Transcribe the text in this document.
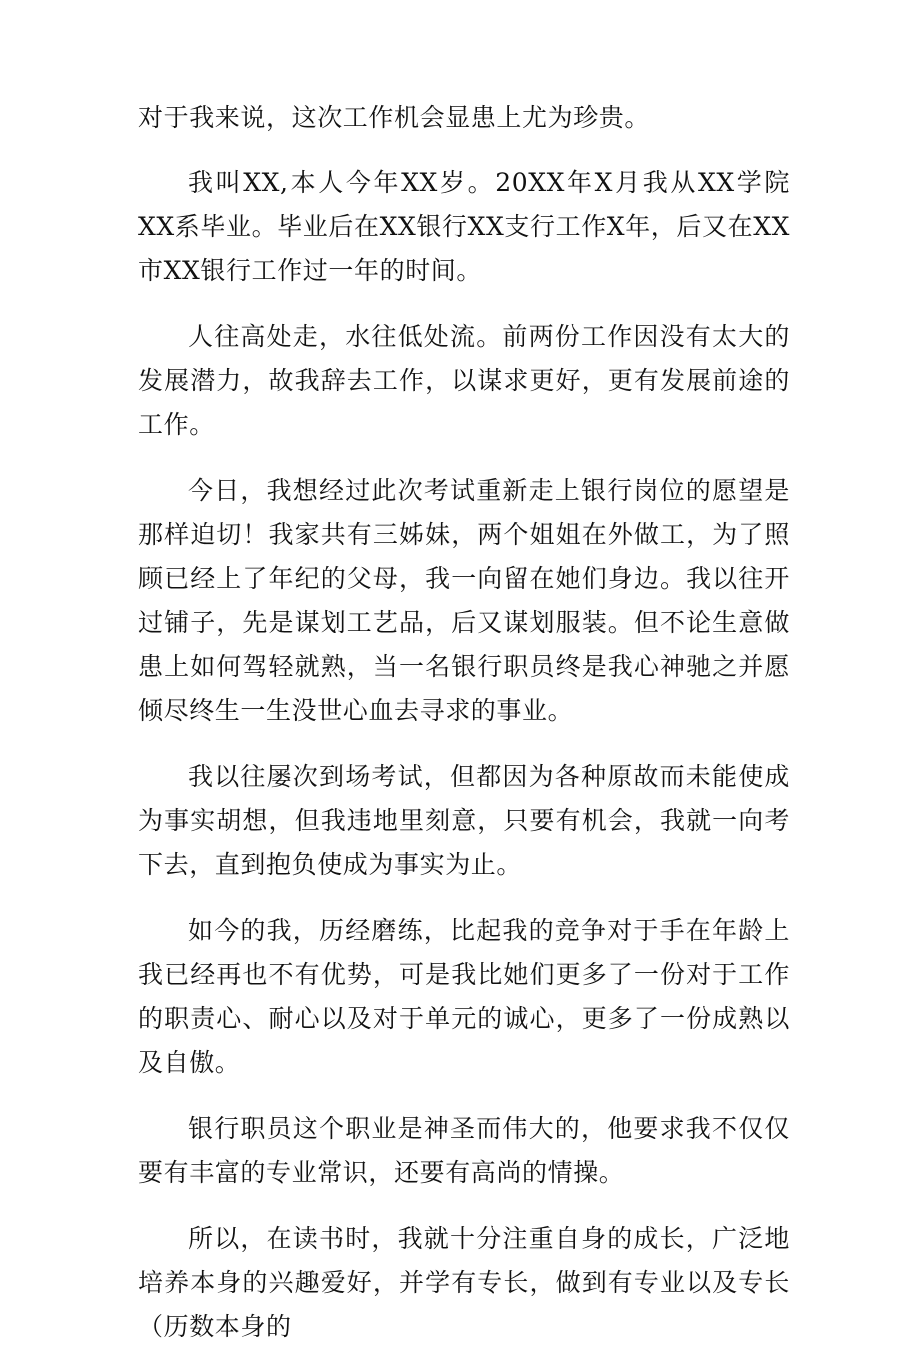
对于我来说，这次工作机会显患上尤为珍贵。

我叫XX,本人今年XX岁。20XX年X月我从XX学院XX系毕业。毕业后在XX银行XX支行工作X年，后又在XX市XX银行工作过一年的时间。

人往高处走，水往低处流。前两份工作因没有太大的发展潜力，故我辞去工作，以谋求更好，更有发展前途的工作。

今日，我想经过此次考试重新走上银行岗位的愿望是那样迫切！我家共有三姊妹，两个姐姐在外做工，为了照顾已经上了年纪的父母，我一向留在她们身边。我以往开过铺子，先是谋划工艺品，后又谋划服装。但不论生意做患上如何驾轻就熟，当一名银行职员终是我心神驰之并愿倾尽终生一生没世心血去寻求的事业。

我以往屡次到场考试，但都因为各种原故而未能使成为事实胡想，但我违地里刻意，只要有机会，我就一向考下去，直到抱负使成为事实为止。

如今的我，历经磨练，比起我的竞争对于手在年龄上我已经再也不有优势，可是我比她们更多了一份对于工作的职责心、耐心以及对于单元的诚心，更多了一份成熟以及自傲。

银行职员这个职业是神圣而伟大的，他要求我不仅仅要有丰富的专业常识，还要有高尚的情操。

所以，在读书时，我就十分注重自身的成长，广泛地培养本身的兴趣爱好，并学有专长，做到有专业以及专长（历数本身的
